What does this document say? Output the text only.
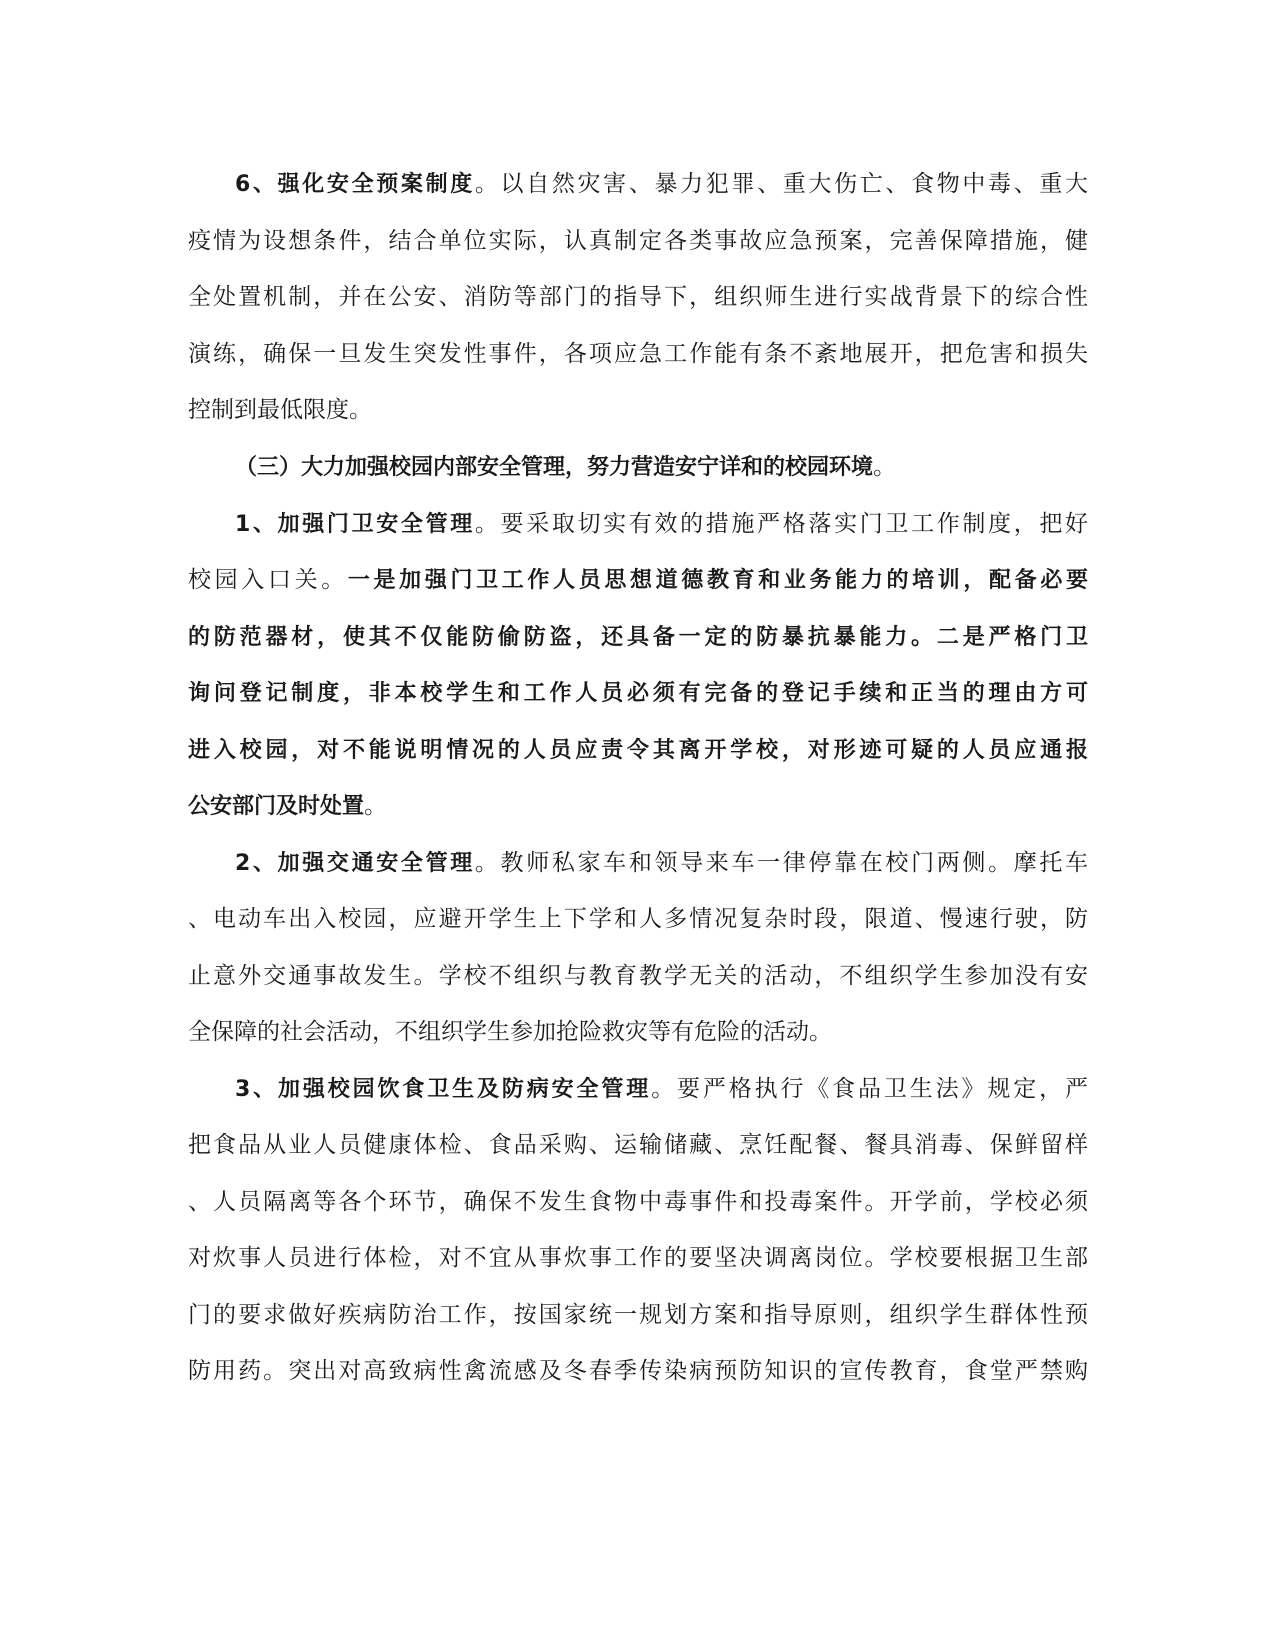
6、强化安全预案制度。以自然灾害、暴力犯罪、重大伤亡、食物中毒、重大
疫情为设想条件，结合单位实际，认真制定各类事故应急预案，完善保障措施，健
全处置机制，并在公安、消防等部门的指导下，组织师生进行实战背景下的综合性
演练，确保一旦发生突发性事件，各项应急工作能有条不紊地展开，把危害和损失
控制到最低限度。
（三）大力加强校园内部安全管理，努力营造安宁详和的校园环境。
1、加强门卫安全管理。要采取切实有效的措施严格落实门卫工作制度，把好
校园入口关。一是加强门卫工作人员思想道德教育和业务能力的培训，配备必要
的防范器材，使其不仅能防偷防盗，还具备一定的防暴抗暴能力。二是严格门卫
询问登记制度，非本校学生和工作人员必须有完备的登记手续和正当的理由方可
进入校园，对不能说明情况的人员应责令其离开学校，对形迹可疑的人员应通报
公安部门及时处置。
2、加强交通安全管理。教师私家车和领导来车一律停靠在校门两侧。摩托车
、电动车出入校园，应避开学生上下学和人多情况复杂时段，限道、慢速行驶，防
止意外交通事故发生。学校不组织与教育教学无关的活动，不组织学生参加没有安
全保障的社会活动，不组织学生参加抢险救灾等有危险的活动。
3、加强校园饮食卫生及防病安全管理。要严格执行《食品卫生法》规定，严
把食品从业人员健康体检、食品采购、运输储藏、烹饪配餐、餐具消毒、保鲜留样
、人员隔离等各个环节，确保不发生食物中毒事件和投毒案件。开学前，学校必须
对炊事人员进行体检，对不宜从事炊事工作的要坚决调离岗位。学校要根据卫生部
门的要求做好疾病防治工作，按国家统一规划方案和指导原则，组织学生群体性预
防用药。突出对高致病性禽流感及冬春季传染病预防知识的宣传教育，食堂严禁购
